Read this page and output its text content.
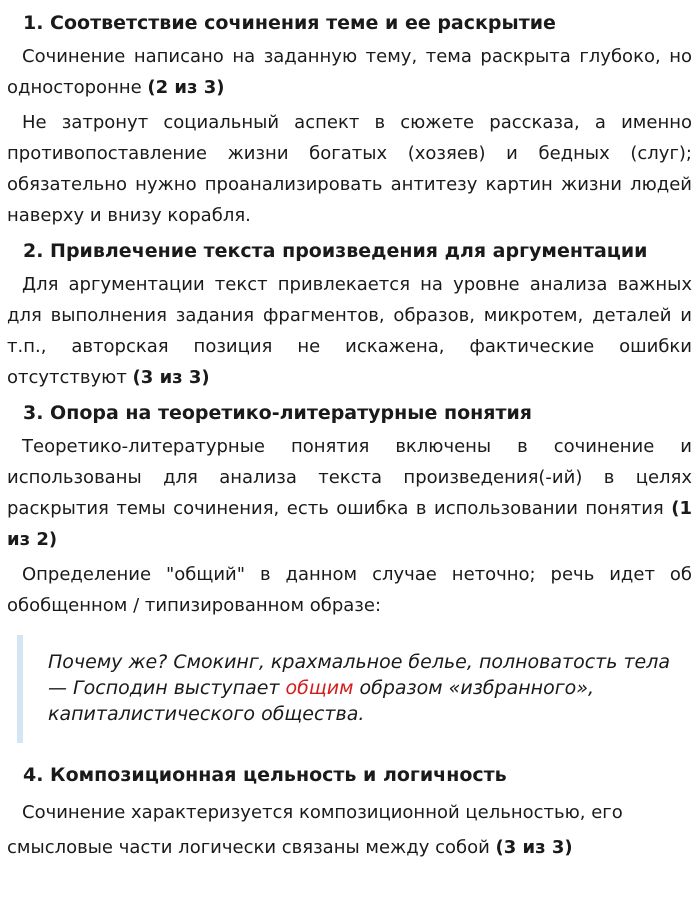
1. Соответствие сочинения теме и ее раскрытие

Сочинение написано на заданную тему, тема раскрыта глубоко, но односторонне (2 из 3)

Не затронут социальный аспект в сюжете рассказа, а именно противопоставление жизни богатых (хозяев) и бедных (слуг); обязательно нужно проанализировать антитезу картин жизни людей наверху и внизу корабля.

2. Привлечение текста произведения для аргументации

Для аргументации текст привлекается на уровне анализа важных для выполнения задания фрагментов, образов, микротем, деталей и т.п., авторская позиция не искажена, фактические ошибки отсутствуют (3 из 3)

3. Опора на теоретико-литературные понятия

Теоретико-литературные понятия включены в сочинение и использованы для анализа текста произведения(-ий) в целях раскрытия темы сочинения, есть ошибка в использовании понятия (1 из 2)

Определение "общий" в данном случае неточно; речь идет об обобщенном / типизированном образе:

Почему же? Смокинг, крахмальное белье, полноватость тела — Господин выступает общим образом «избранного», капиталистического общества.
4. Композиционная цельность и логичность

Сочинение характеризуется композиционной цельностью, его смысловые части логически связаны между собой (3 из 3)
